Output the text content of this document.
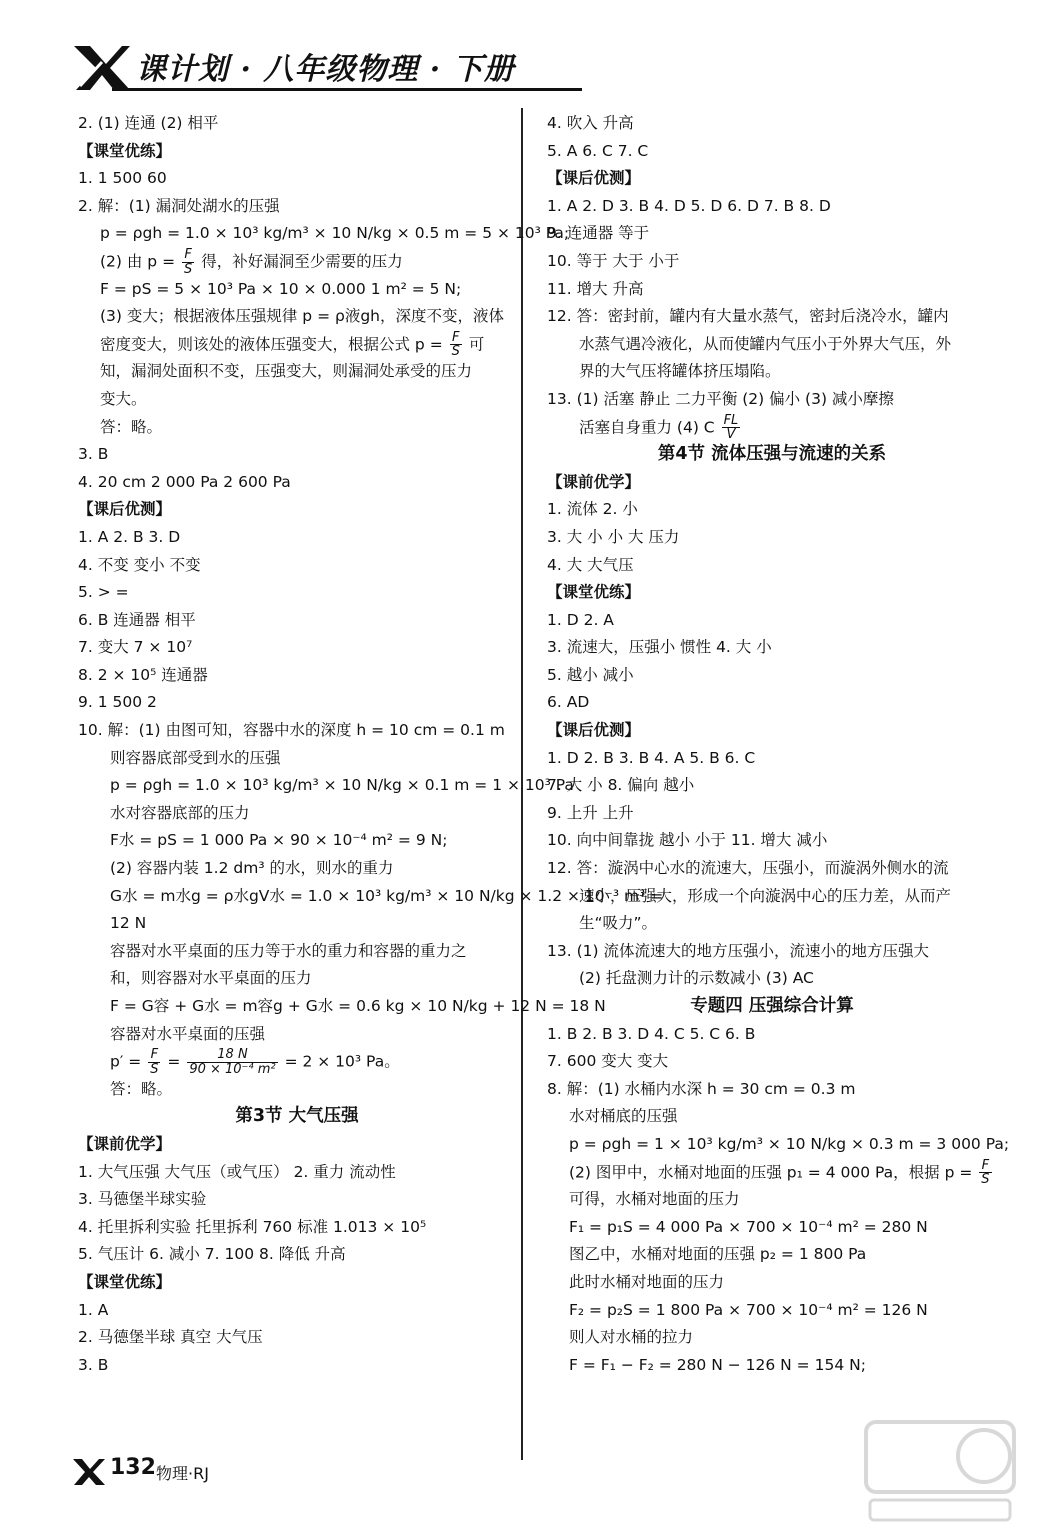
课计划 · 八年级物理 · 下册
2. (1) 连通 (2) 相平
【课堂优练】
1. 1 500 60
2. 解：(1) 漏洞处湖水的压强
p = ρgh = 1.0 × 10³ kg/m³ × 10 N/kg × 0.5 m = 5 × 10³ Pa;
(2) 由 $p = \frac{F}{S}$ 得，补好漏洞至少需要的压力
F = pS = 5 × 10³ Pa × 10 × 0.000 1 m² = 5 N;
(3) 变大；根据液体压强规律 p = ρ液gh，深度不变，液体
密度变大，则该处的液体压强变大，根据公式 $p = \frac{F}{S}$ 可
知，漏洞处面积不变，压强变大，则漏洞处承受的压力
变大。
答：略。
3. B
4. 20 cm 2 000 Pa 2 600 Pa
【课后优测】
1. A 2. B 3. D
4. 不变 变小 不变
5. > =
6. B 连通器 相平
7. 变大 7 × 10⁷
8. 2 × 10⁵ 连通器
9. 1 500 2
10. 解：(1) 由图可知，容器中水的深度 h = 10 cm = 0.1 m
则容器底部受到水的压强
p = ρgh = 1.0 × 10³ kg/m³ × 10 N/kg × 0.1 m = 1 × 10³ Pa
水对容器底部的压力
F水 = pS = 1 000 Pa × 90 × 10⁻⁴ m² = 9 N;
(2) 容器内装 1.2 dm³ 的水，则水的重力
G水 = m水g = ρ水gV水 = 1.0 × 10³ kg/m³ × 10 N/kg × 1.2 × 10⁻³ m³ =
12 N
容器对水平桌面的压力等于水的重力和容器的重力之
和，则容器对水平桌面的压力
F = G容 + G水 = m容g + G水 = 0.6 kg × 10 N/kg + 12 N = 18 N
容器对水平桌面的压强
$p' = \frac{F}{S} = \frac{18 N}{\text{90 × 10⁻⁴ m²}} = 2 \times 10^3$ Pa。
答：略。
第3节 大气压强
【课前优学】
1. 大气压强 大气压（或气压） 2. 重力 流动性
3. 马德堡半球实验
4. 托里拆利实验 托里拆利 760 标准 1.013 × 10⁵
5. 气压计 6. 减小 7. 100 8. 降低 升高
【课堂优练】
1. A
2. 马德堡半球 真空 大气压
3. B
4. 吹入 升高
5. A 6. C 7. C
【课后优测】
1. A 2. D 3. B 4. D 5. D 6. D 7. B 8. D
9. 连通器 等于
10. 等于 大于 小于
11. 增大 升高
12. 答：密封前，罐内有大量水蒸气，密封后浇冷水，罐内
水蒸气遇冷液化，从而使罐内气压小于外界大气压，外
界的大气压将罐体挤压塌陷。
13. (1) 活塞 静止 二力平衡 (2) 偏小 (3) 减小摩擦
活塞自身重力 (4) C $\frac{FL}{V}$
第4节 流体压强与流速的关系
【课前优学】
1. 流体 2. 小
3. 大 小 小 大 压力
4. 大 大气压
【课堂优练】
1. D 2. A
3. 流速大，压强小 惯性 4. 大 小
5. 越小 减小
6. AD
【课后优测】
1. D 2. B 3. B 4. A 5. B 6. C
7. 大 小 8. 偏向 越小
9. 上升 上升
10. 向中间靠拢 越小 小于 11. 增大 减小
12. 答：漩涡中心水的流速大，压强小，而漩涡外侧水的流
速小，压强大，形成一个向漩涡中心的压力差，从而产
生“吸力”。
13. (1) 流体流速大的地方压强小，流速小的地方压强大
(2) 托盘测力计的示数减小 (3) AC
专题四 压强综合计算
1. B 2. B 3. D 4. C 5. C 6. B
7. 600 变大 变大
8. 解：(1) 水桶内水深 h = 30 cm = 0.3 m
水对桶底的压强
p = ρgh = 1 × 10³ kg/m³ × 10 N/kg × 0.3 m = 3 000 Pa;
(2) 图甲中，水桶对地面的压强 p₁ = 4 000 Pa，根据 $p = \frac{F}{S}$
可得，水桶对地面的压力
F₁ = p₁S = 4 000 Pa × 700 × 10⁻⁴ m² = 280 N
图乙中，水桶对地面的压强 p₂ = 1 800 Pa
此时水桶对地面的压力
F₂ = p₂S = 1 800 Pa × 700 × 10⁻⁴ m² = 126 N
则人对水桶的拉力
F = F₁ − F₂ = 280 N − 126 N = 154 N;
132 物理·RJ
